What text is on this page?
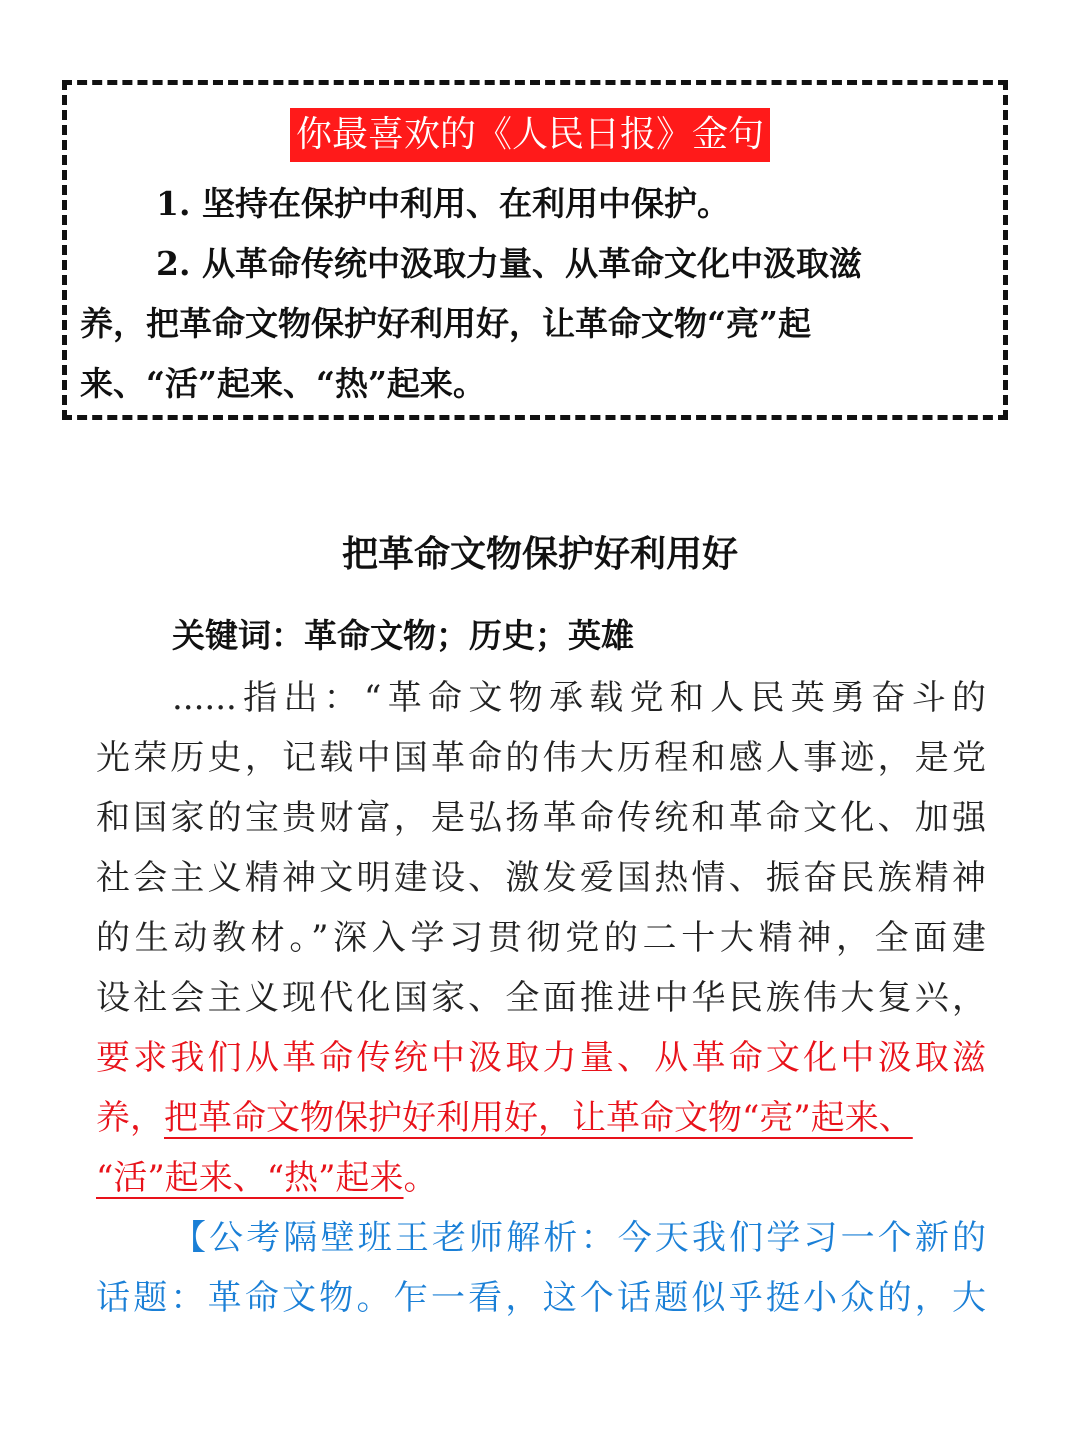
你最喜欢的《人民日报》金句
1. 坚持在保护中利用、在利用中保护。
2. 从革命传统中汲取力量、从革命文化中汲取滋
养，把革命文物保护好利用好，让革命文物“亮”起
来、“活”起来、“热”起来。
把革命文物保护好利用好
关键词：革命文物；历史；英雄
......指出：“革命文物承载党和人民英勇奋斗的
光荣历史，记载中国革命的伟大历程和感人事迹，是党
和国家的宝贵财富，是弘扬革命传统和革命文化、加强
社会主义精神文明建设、激发爱国热情、振奋民族精神
的生动教材。”深入学习贯彻党的二十大精神，全面建
设社会主义现代化国家、全面推进中华民族伟大复兴，
要求我们从革命传统中汲取力量、从革命文化中汲取滋
养，把革命文物保护好利用好，让革命文物“亮”起来、
“活”起来、“热”起来。
【公考隔壁班王老师解析：今天我们学习一个新的
话题：革命文物。乍一看，这个话题似乎挺小众的，大
